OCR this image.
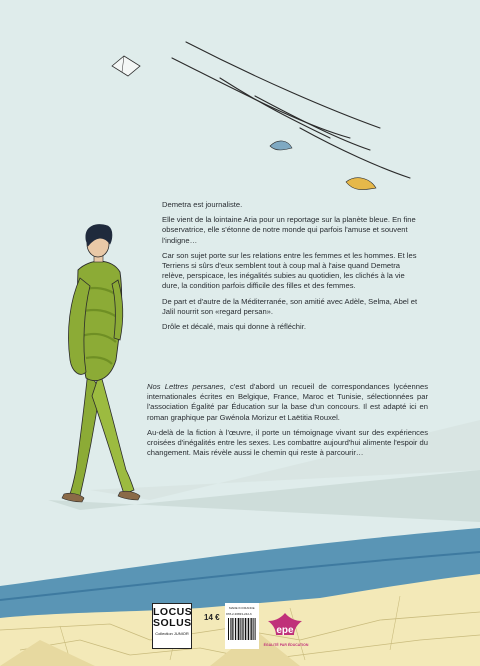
Demetra est journaliste.

Elle vient de la lointaine Aria pour un reportage sur la planète bleue. En fine observatrice, elle s'étonne de notre monde qui parfois l'amuse et souvent l'indigne…

Car son sujet porte sur les relations entre les femmes et les hommes. Et les Terriens si sûrs d'eux semblent tout à coup mal à l'aise quand Demetra relève, perspicace, les inégalités subies au quotidien, les clichés à la vie dure, la condition parfois difficile des filles et des femmes.

De part et d'autre de la Méditerranée, son amitié avec Adèle, Selma, Abel et Jalil nourrit son «regard persan».

Drôle et décalé, mais qui donne à réfléchir.

Nos Lettres persanes, c'est d'abord un recueil de correspondances lycéennes internationales écrites en Belgique, France, Maroc et Tunisie, sélectionnées par l'association Égalité par Éducation sur la base d'un concours. Il est adapté ici en roman graphique par Gwénola Morizur et Laëtitia Rouxel.

Au-delà de la fiction à l'œuvre, il porte un témoignage vivant sur des expériences croisées d'inégalités entre les sexes. Les combattre aujourd'hui alimente l'espoir du changement. Mais révèle aussi le chemin qui reste à parcourir…

LOCUS
SOLUS
Collection JUNIOR
14 €
MADE IN FRANCE
978-2-36833-242-6
epe
ÉGALITÉ PAR ÉDUCATION
